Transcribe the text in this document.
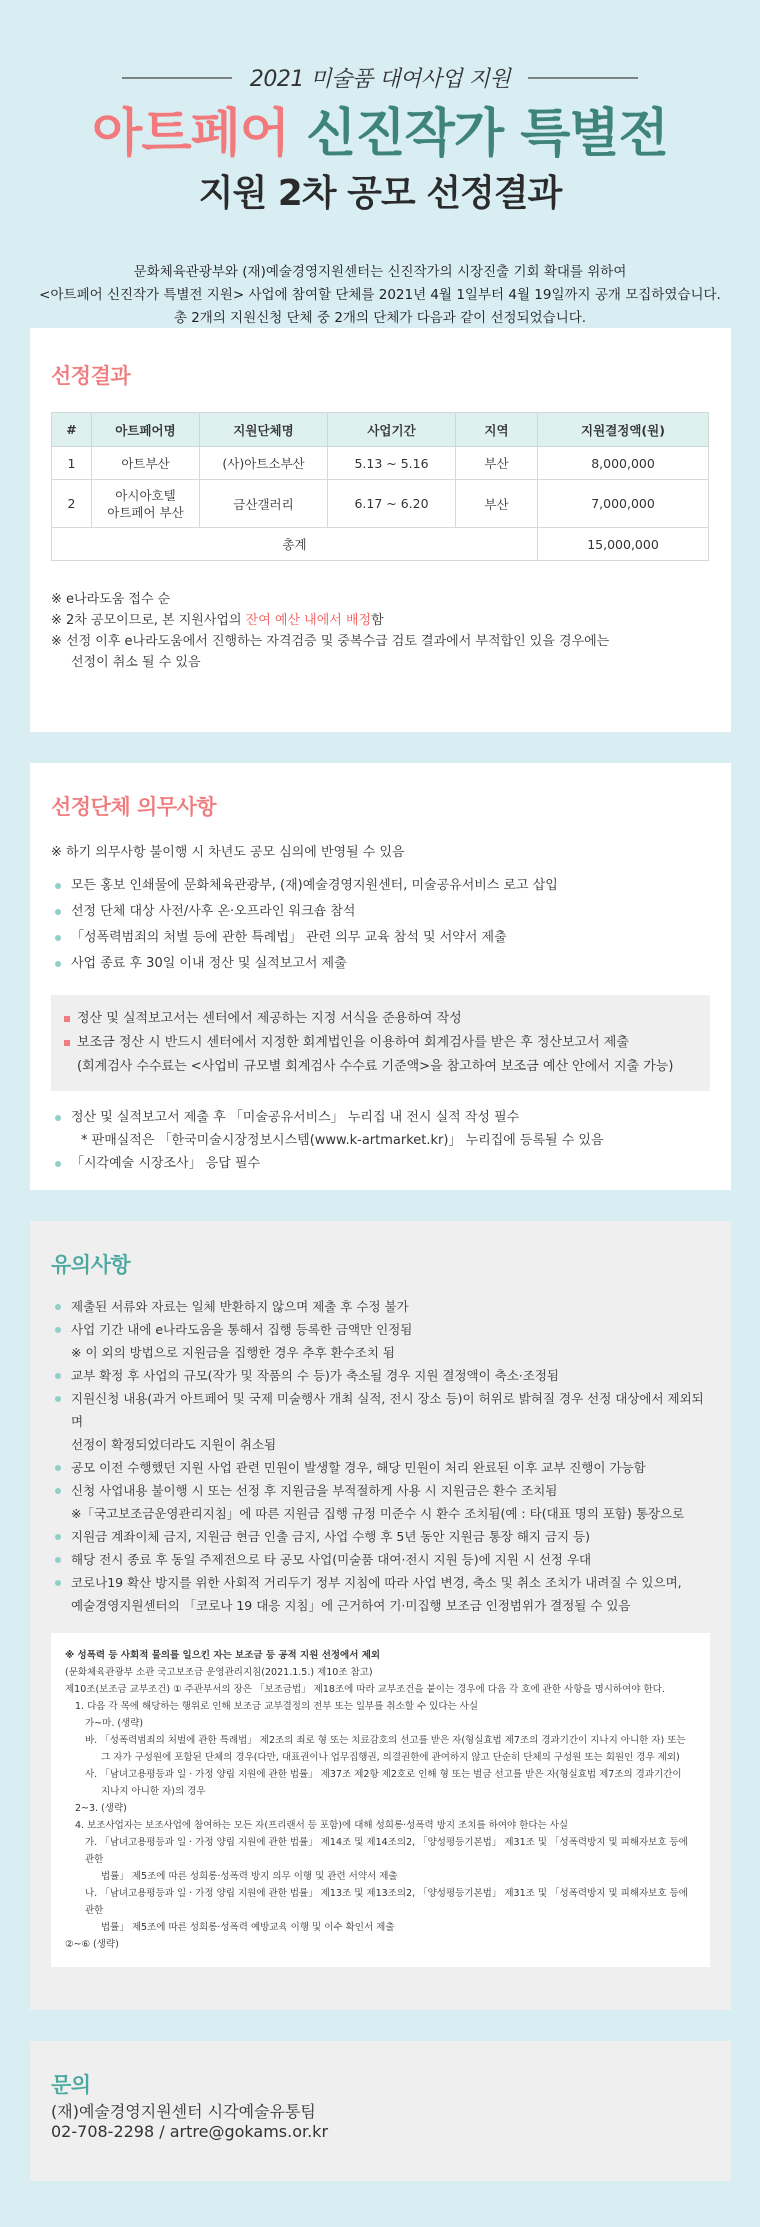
2021 미술품 대여사업 지원
아트페어 신진작가 특별전
지원 2차 공모 선정결과
문화체육관광부와 (재)예술경영지원센터는 신진작가의 시장진출 기회 확대를 위하여
<아트페어 신진작가 특별전 지원> 사업에 참여할 단체를 2021년 4월 1일부터 4월 19일까지 공개 모집하였습니다.
총 2개의 지원신청 단체 중 2개의 단체가 다음과 같이 선정되었습니다.
선정결과
#	아트페어명	지원단체명	사업기간	지역	지원결정액(원)
1	아트부산	(사)아트소부산	5.13 ~ 5.16	부산	8,000,000
2	아시아호텔
아트페어 부산	금산갤러리	6.17 ~ 6.20	부산	7,000,000
총계					15,000,000
※ e나라도움 접수 순
※ 2차 공모이므로, 본 지원사업의 잔여 예산 내에서 배정함
※ 선정 이후 e나라도움에서 진행하는 자격검증 및 중복수급 검토 결과에서 부적합인 있을 경우에는
선정이 취소 될 수 있음
선정단체 의무사항
※ 하기 의무사항 불이행 시 차년도 공모 심의에 반영될 수 있음
모든 홍보 인쇄물에 문화체육관광부, (재)예술경영지원센터, 미술공유서비스 로고 삽입
선정 단체 대상 사전/사후 온·오프라인 워크숍 참석
「성폭력범죄의 처벌 등에 관한 특례법」 관련 의무 교육 참석 및 서약서 제출
사업 종료 후 30일 이내 정산 및 실적보고서 제출
정산 및 실적보고서는 센터에서 제공하는 지정 서식을 준용하여 작성
보조금 정산 시 반드시 센터에서 지정한 회계법인을 이용하여 회계검사를 받은 후 정산보고서 제출
(회계검사 수수료는 <사업비 규모별 회계검사 수수료 기준액>을 참고하여 보조금 예산 안에서 지출 가능)
정산 및 실적보고서 제출 후 「미술공유서비스」 누리집 내 전시 실적 작성 필수
* 판매실적은 「한국미술시장정보시스템(www.k-artmarket.kr)」 누리집에 등록될 수 있음
「시각예술 시장조사」 응답 필수
유의사항
제출된 서류와 자료는 일체 반환하지 않으며 제출 후 수정 불가
사업 기간 내에 e나라도움을 통해서 집행 등록한 금액만 인정됨
※ 이 외의 방법으로 지원금을 집행한 경우 추후 환수조치 됨
교부 확정 후 사업의 규모(작가 및 작품의 수 등)가 축소될 경우 지원 결정액이 축소·조정됨
지원신청 내용(과거 아트페어 및 국제 미술행사 개최 실적, 전시 장소 등)이 허위로 밝혀질 경우 선정 대상에서 제외되며
선정이 확정되었더라도 지원이 취소됨
공모 이전 수행했던 지원 사업 관련 민원이 발생할 경우, 해당 민원이 처리 완료된 이후 교부 진행이 가능함
신청 사업내용 불이행 시 또는 선정 후 지원금을 부적절하게 사용 시 지원금은 환수 조치됨
※「국고보조금운영관리지침」에 따른 지원금 집행 규정 미준수 시 환수 조치됨(예 : 타(대표 명의 포함) 통장으로
지원금 계좌이체 금지, 지원금 현금 인출 금지, 사업 수행 후 5년 동안 지원금 통장 해지 금지 등)
해당 전시 종료 후 동일 주제전으로 타 공모 사업(미술품 대여·전시 지원 등)에 지원 시 선정 우대
코로나19 확산 방지를 위한 사회적 거리두기 정부 지침에 따라 사업 변경, 축소 및 취소 조치가 내려질 수 있으며,
예술경영지원센터의 「코로나 19 대응 지침」에 근거하여 기·미집행 보조금 인정범위가 결정될 수 있음
※ 성폭력 등 사회적 물의를 일으킨 자는 보조금 등 공적 지원 선정에서 제외
(문화체육관광부 소관 국고보조금 운영관리지침(2021.1.5.) 제10조 참고)
제10조(보조금 교부조건) ① 주관부서의 장은 「보조금법」 제18조에 따라 교부조건을 붙이는 경우에 다음 각 호에 관한 사항을 명시하여야 한다.
1. 다음 각 목에 해당하는 행위로 인해 보조금 교부결정의 전부 또는 일부를 취소할 수 있다는 사실
가~마. (생략)
바. 「성폭력범죄의 처벌에 관한 특례법」 제2조의 죄로 형 또는 치료감호의 선고를 받은 자(형실효법 제7조의 경과기간이 지나지 아니한 자) 또는
그 자가 구성원에 포함된 단체의 경우(다만, 대표권이나 업무집행권, 의결권한에 관여하지 않고 단순히 단체의 구성원 또는 회원인 경우 제외)
사. 「남녀고용평등과 일 · 가정 양립 지원에 관한 법률」 제37조 제2항 제2호로 인해 형 또는 벌금 선고를 받은 자(형실효법 제7조의 경과기간이
지나지 아니한 자)의 경우
2~3. (생략)
4. 보조사업자는 보조사업에 참여하는 모든 자(프리랜서 등 포함)에 대해 성희롱·성폭력 방지 조치를 하여야 한다는 사실
가. 「남녀고용평등과 일 · 가정 양립 지원에 관한 법률」 제14조 및 제14조의2, 「양성평등기본법」 제31조 및 「성폭력방지 및 피해자보호 등에 관한
법률」 제5조에 따른 성희롱·성폭력 방지 의무 이행 및 관련 서약서 제출
나. 「남녀고용평등과 일 · 가정 양립 지원에 관한 법률」 제13조 및 제13조의2, 「양성평등기본법」 제31조 및 「성폭력방지 및 피해자보호 등에 관한
법률」 제5조에 따른 성희롱·성폭력 예방교육 이행 및 이수 확인서 제출
②~⑥ (생략)
문의
(재)예술경영지원센터 시각예술유통팀
02-708-2298 / artre@gokams.or.kr
